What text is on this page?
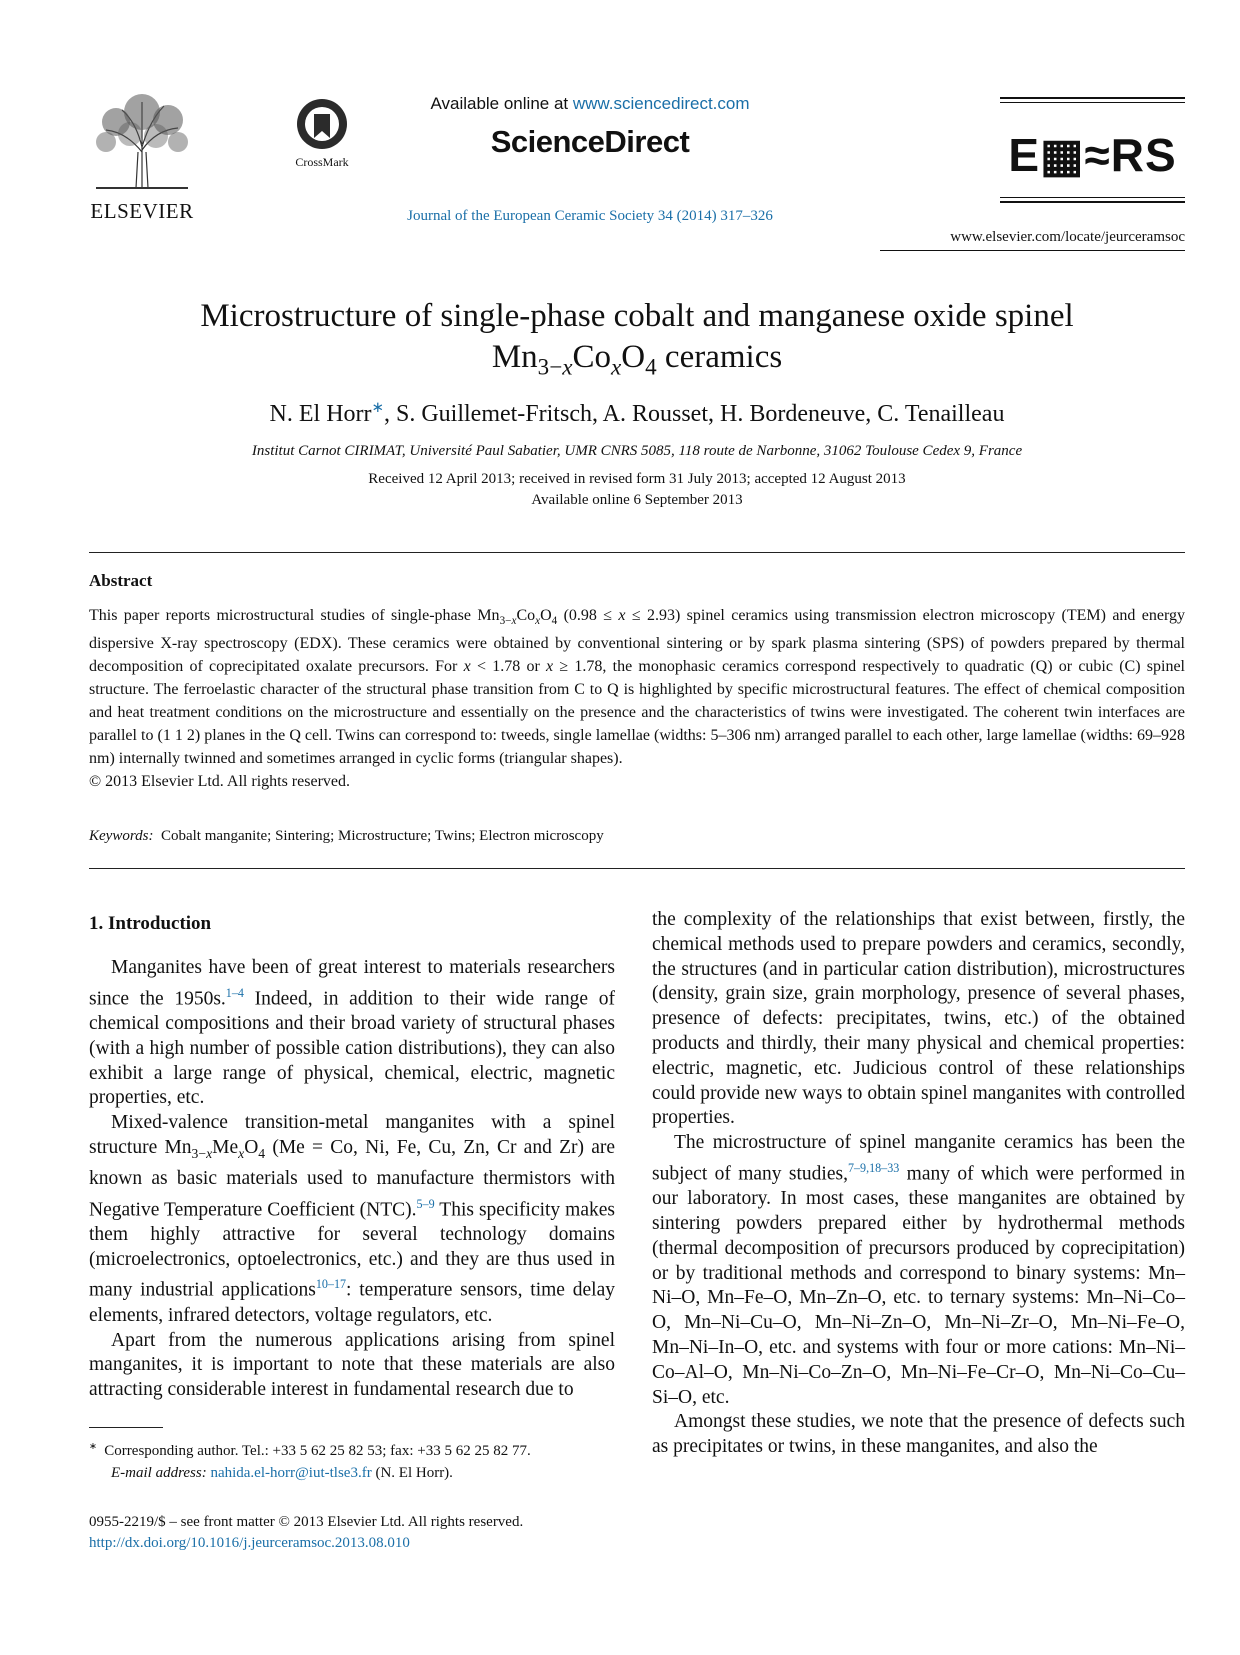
ELSEVIER
CrossMark
Available online at www.sciencedirect.com
ScienceDirect
Journal of the European Ceramic Society 34 (2014) 317–326
E▦≈RS
www.elsevier.com/locate/jeurceramsoc
Microstructure of single-phase cobalt and manganese oxide spinel
$Mn_{3-x}Co_xO_4$ ceramics
N. El Horr∗, S. Guillemet-Fritsch, A. Rousset, H. Bordeneuve, C. Tenailleau
Institut Carnot CIRIMAT, Université Paul Sabatier, UMR CNRS 5085, 118 route de Narbonne, 31062 Toulouse Cedex 9, France
Received 12 April 2013; received in revised form 31 July 2013; accepted 12 August 2013
Available online 6 September 2013
Abstract
This paper reports microstructural studies of single-phase $Mn_{3-x}Co_xO_4$ (0.98 ≤ x ≤ 2.93) spinel ceramics using transmission electron microscopy (TEM) and energy dispersive X-ray spectroscopy (EDX). These ceramics were obtained by conventional sintering or by spark plasma sintering (SPS) of powders prepared by thermal decomposition of coprecipitated oxalate precursors. For x < 1.78 or x ≥ 1.78, the monophasic ceramics correspond respectively to quadratic (Q) or cubic (C) spinel structure. The ferroelastic character of the structural phase transition from C to Q is highlighted by specific microstructural features. The effect of chemical composition and heat treatment conditions on the microstructure and essentially on the presence and the characteristics of twins were investigated. The coherent twin interfaces are parallel to (1 1 2) planes in the Q cell. Twins can correspond to: tweeds, single lamellae (widths: 5–306 nm) arranged parallel to each other, large lamellae (widths: 69–928 nm) internally twinned and sometimes arranged in cyclic forms (triangular shapes).
© 2013 Elsevier Ltd. All rights reserved.
Keywords: Cobalt manganite; Sintering; Microstructure; Twins; Electron microscopy
1. Introduction

Manganites have been of great interest to materials researchers since the 1950s.$^{1-4}$ Indeed, in addition to their wide range of chemical compositions and their broad variety of structural phases (with a high number of possible cation distributions), they can also exhibit a large range of physical, chemical, electric, magnetic properties, etc.

Mixed-valence transition-metal manganites with a spinel structure $Mn_{3-x}Me_xO_4$ (Me = Co, Ni, Fe, Cu, Zn, Cr and Zr) are known as basic materials used to manufacture thermistors with Negative Temperature Coefficient (NTC).$^{5-9}$ This specificity makes them highly attractive for several technology domains (microelectronics, optoelectronics, etc.) and they are thus used in many industrial applications$^{10-17}$: temperature sensors, time delay elements, infrared detectors, voltage regulators, etc.

Apart from the numerous applications arising from spinel manganites, it is important to note that these materials are also attracting considerable interest in fundamental research due to

∗ Corresponding author. Tel.: +33 5 62 25 82 53; fax: +33 5 62 25 82 77.
E-mail address: nahida.el-horr@iut-tlse3.fr (N. El Horr).
0955-2219/$ – see front matter © 2013 Elsevier Ltd. All rights reserved.
http://dx.doi.org/10.1016/j.jeurceramsoc.2013.08.010

the complexity of the relationships that exist between, firstly, the chemical methods used to prepare powders and ceramics, secondly, the structures (and in particular cation distribution), microstructures (density, grain size, grain morphology, presence of several phases, presence of defects: precipitates, twins, etc.) of the obtained products and thirdly, their many physical and chemical properties: electric, magnetic, etc. Judicious control of these relationships could provide new ways to obtain spinel manganites with controlled properties.

The microstructure of spinel manganite ceramics has been the subject of many studies,$^{7-9,18-33}$ many of which were performed in our laboratory. In most cases, these manganites are obtained by sintering powders prepared either by hydrothermal methods (thermal decomposition of precursors produced by coprecipitation) or by traditional methods and correspond to binary systems: Mn–Ni–O, Mn–Fe–O, Mn–Zn–O, etc. to ternary systems: Mn–Ni–Co–O, Mn–Ni–Cu–O, Mn–Ni–Zn–O, Mn–Ni–Zr–O, Mn–Ni–Fe–O, Mn–Ni–In–O, etc. and systems with four or more cations: Mn–Ni–Co–Al–O, Mn–Ni–Co–Zn–O, Mn–Ni–Fe–Cr–O, Mn–Ni–Co–Cu–Si–O, etc.

Amongst these studies, we note that the presence of defects such as precipitates or twins, in these manganites, and also the
